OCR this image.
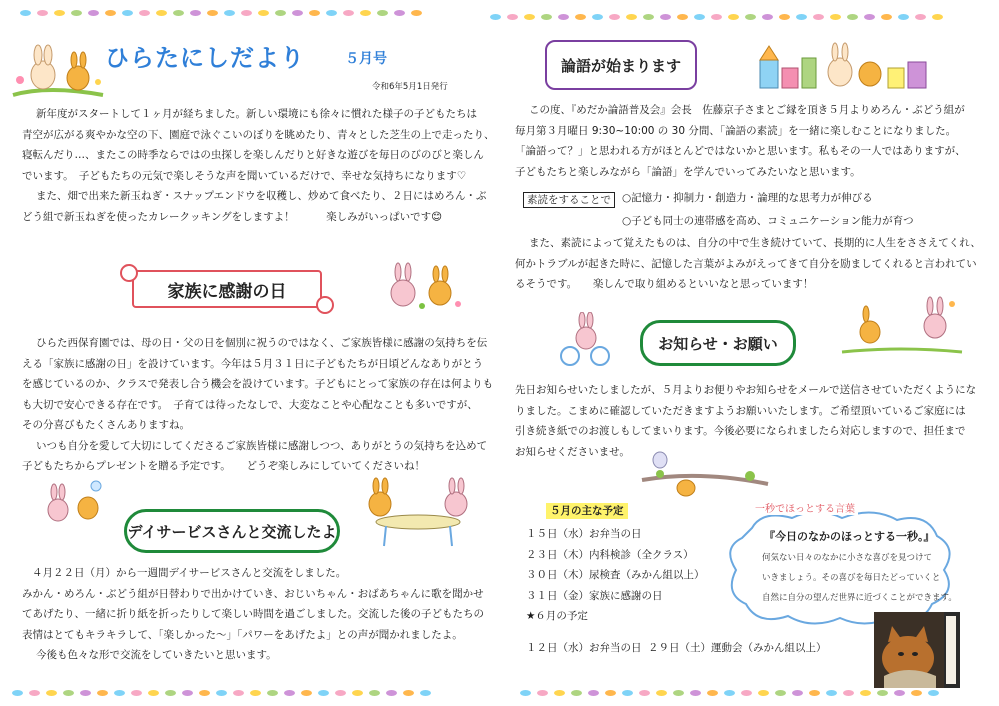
ひらたにしだより	５月号
令和6年5月1日発行
新年度がスタートして１ヶ月が経ちました。新しい環境にも徐々に慣れた様子の子どもたちは
青空が広がる爽やかな空の下、園庭で泳ぐこいのぼりを眺めたり、青々とした芝生の上で走ったり、
寝転んだり…、またこの時季ならではの虫探しを楽しんだりと好きな遊びを毎日のびのびと楽しん
でいます。　子どもたちの元気で楽しそうな声を聞いているだけで、幸せな気持ちになります♡
また、畑で出来た新玉ねぎ・スナップエンドウを収穫し、炒めて食べたり、２日にはめろん・ぶ
どう組で新玉ねぎを使ったカレークッキングをしますよ！　　　楽しみがいっぱいです😊
家族に感謝の日
ひらた西保育園では、母の日・父の日を個別に祝うのではなく、ご家族皆様に感謝の気持ちを伝
える「家族に感謝の日」を設けています。今年は５月３１日に子どもたちが日頃どんなありがとう
を感じているのか、クラスで発表し合う機会を設けています。子どもにとって家族の存在は何よりも
も大切で安心できる存在です。　子育ては待ったなしで、大変なことや心配なことも多いですが、
その分喜びもたくさんありますね。
いつも自分を愛して大切にしてくださるご家族皆様に感謝しつつ、ありがとうの気持ちを込めて
子どもたちからプレゼントを贈る予定です。　　どうぞ楽しみにしていてくださいね！
デイサービスさんと交流したよ
４月２２日（月）から一週間デイサービスさんと交流をしました。
みかん・めろん・ぶどう組が日替わりで出かけていき、おじいちゃん・おばあちゃんに歌を聞かせ
てあげたり、一緒に折り紙を折ったりして楽しい時間を過ごしました。交流した後の子どもたちの
表情はとてもキラキラして、「楽しかった～」「パワーをあげたよ」との声が聞かれましたよ。
今後も色々な形で交流をしていきたいと思います。
論語が始まります
この度、『めだか論語普及会』会長　佐藤京子さまとご縁を頂き５月よりめろん・ぶどう組が
毎月第３月曜日 9:30~10:00 の 30 分間、「論語の素読」を一緒に楽しむことになりました。
「論語って？」と思われる方がほとんどではないかと思います。私もその一人ではありますが、
子どもたちと楽しみながら「論語」を学んでいってみたいなと思います。
素読をすることで	○記憶力・抑制力・創造力・論理的な思考力が伸びる
○子ども同士の連帯感を高め、コミュニケーション能力が育つ
また、素読によって覚えたものは、自分の中で生き続けていて、長期的に人生をささえてくれ、
何かトラブルが起きた時に、記憶した言葉がよみがえってきて自分を励ましてくれると言われてい
るそうです。　　楽しんで取り組めるといいなと思っています！
お知らせ・お願い
先日お知らせいたしましたが、５月よりお便りやお知らせをメールで送信させていただくようにな
りました。こまめに確認していただきますようお願いいたします。ご希望頂いているご家庭には
引き続き紙でのお渡しもしてまいります。今後必要になられましたら対応しますので、担任まで
お知らせくださいませ。
５月の主な予定
１５日（水）お弁当の日
２３日（木）内科検診（全クラス）
３０日（木）尿検査（みかん組以上）
３１日（金）家族に感謝の日
★６月の予定
１２日（水）お弁当の日 ２９日（土）運動会（みかん組以上）
一秒でほっとする言葉
『今日のなかのほっとする一秒。』
何気ない日々のなかに小さな喜びを見つけて
いきましょう。その喜びを毎日たどっていくと
自然に自分の望んだ世界に近づくことができます。
